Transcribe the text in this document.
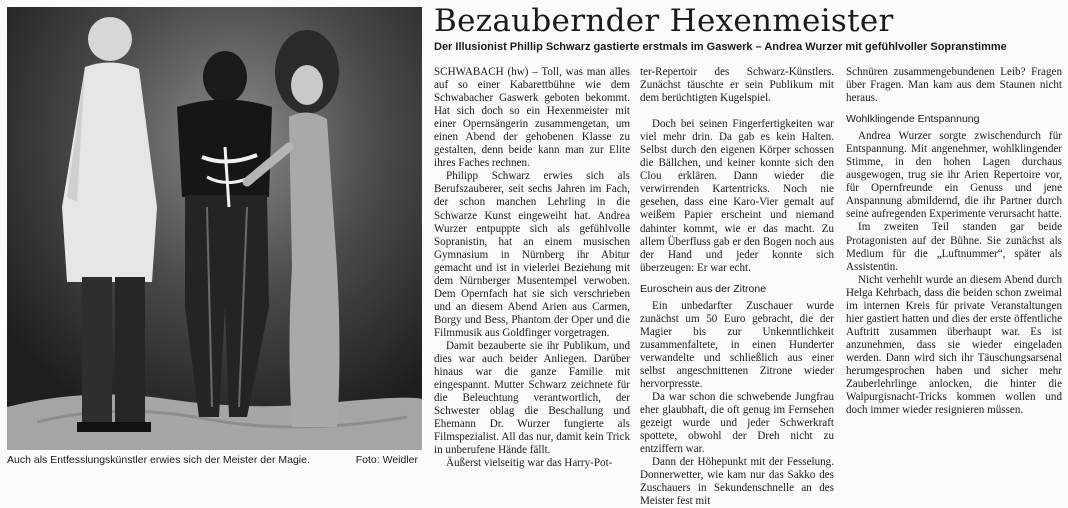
Auch als Entfesslungskünstler erwies sich der Meister der Magie.	Foto: Weidler
Bezaubernder Hexenmeister
Der Illusionist Phillip Schwarz gastierte erstmals im Gaswerk – Andrea Wurzer mit gefühlvoller Sopranstimme

SCHWABACH (hw) – Toll, was man alles auf so einer Kabarettbühne wie dem Schwabacher Gaswerk geboten bekommt. Hat sich doch so ein Hexenmeister mit einer Opernsängerin zusammengetan, um einen Abend der gehobenen Klasse zu gestalten, denn beide kann man zur Elite ihres Faches rechnen.

Philipp Schwarz erwies sich als Berufszauberer, seit sechs Jahren im Fach, der schon manchen Lehrling in die Schwarze Kunst eingeweiht hat. Andrea Wurzer entpuppte sich als gefühlvolle Sopranistin, hat an einem musischen Gymnasium in Nürnberg ihr Abitur gemacht und ist in vielerlei Beziehung mit dem Nürnberger Musentempel verwoben. Dem Opernfach hat sie sich verschrieben und an diesem Abend Arien aus Carmen, Borgy und Bess, Phantom der Oper und die Filmmusik aus Goldfinger vorgetragen.

Damit bezauberte sie ihr Publikum, und dies war auch beider Anliegen. Darüber hinaus war die ganze Familie mit eingespannt. Mutter Schwarz zeichnete für die Beleuchtung verantwortlich, der Schwester oblag die Beschallung und Ehemann Dr. Wurzer fungierte als Filmspezialist. All das nur, damit kein Trick in unberufene Hände fällt.

Äußerst vielseitig war das Harry-Pot-

ter-Repertoir des Schwarz-Künstlers. Zunächst täuschte er sein Publikum mit dem berüchtigten Kugelspiel.

Doch bei seinen Fingerfertigkeiten war viel mehr drin. Da gab es kein Halten. Selbst durch den eigenen Körper schossen die Bällchen, und keiner konnte sich den Clou erklären. Dann wieder die verwirrenden Kartentricks. Noch nie gesehen, dass eine Karo-Vier gemalt auf weißem Papier erscheint und niemand dahinter kommt, wie er das macht. Zu allem Überfluss gab er den Bogen noch aus der Hand und jeder konnte sich überzeugen: Er war echt.

Euroschein aus der Zitrone

Ein unbedarfter Zuschauer wurde zunächst um 50 Euro gebracht, die der Magier bis zur Unkenntlichkeit zusammenfaltete, in einen Hunderter verwandelte und schließlich aus einer selbst angeschnittenen Zitrone wieder hervorpresste.

Da war schon die schwebende Jungfrau eher glaubhaft, die oft genug im Fernsehen gezeigt wurde und jeder Schwerkraft spottete, obwohl der Dreh nicht zu entziffern war.

Dann der Höhepunkt mit der Fesselung. Donnerwetter, wie kam nur das Sakko des Zuschauers in Sekundenschnelle an des Meister fest mit

Schnüren zusammengebundenen Leib? Fragen über Fragen. Man kam aus dem Staunen nicht heraus.

Wohlklingende Entspannung

Andrea Wurzer sorgte zwischendurch für Entspannung. Mit angenehmer, wohlklingender Stimme, in den hohen Lagen durchaus ausgewogen, trug sie ihr Arien Repertoire vor, für Opernfreunde ein Genuss und jene Anspannung abmildernd, die ihr Partner durch seine aufregenden Experimente verursacht hatte.

Im zweiten Teil standen gar beide Protagonisten auf der Bühne. Sie zunächst als Medium für die „Luftnummer“, später als Assistentin.

Nicht verhehlt wurde an diesem Abend durch Helga Kehrbach, dass die beiden schon zweimal im internen Kreis für private Veranstaltungen hier gastiert hatten und dies der erste öffentliche Auftritt zusammen überhaupt war. Es ist anzunehmen, dass sie wieder eingeladen werden. Dann wird sich ihr Täuschungsarsenal herumgesprochen haben und sicher mehr Zauberlehrlinge anlocken, die hinter die Walpurgisnacht-Tricks kommen wollen und doch immer wieder resignieren müssen.
